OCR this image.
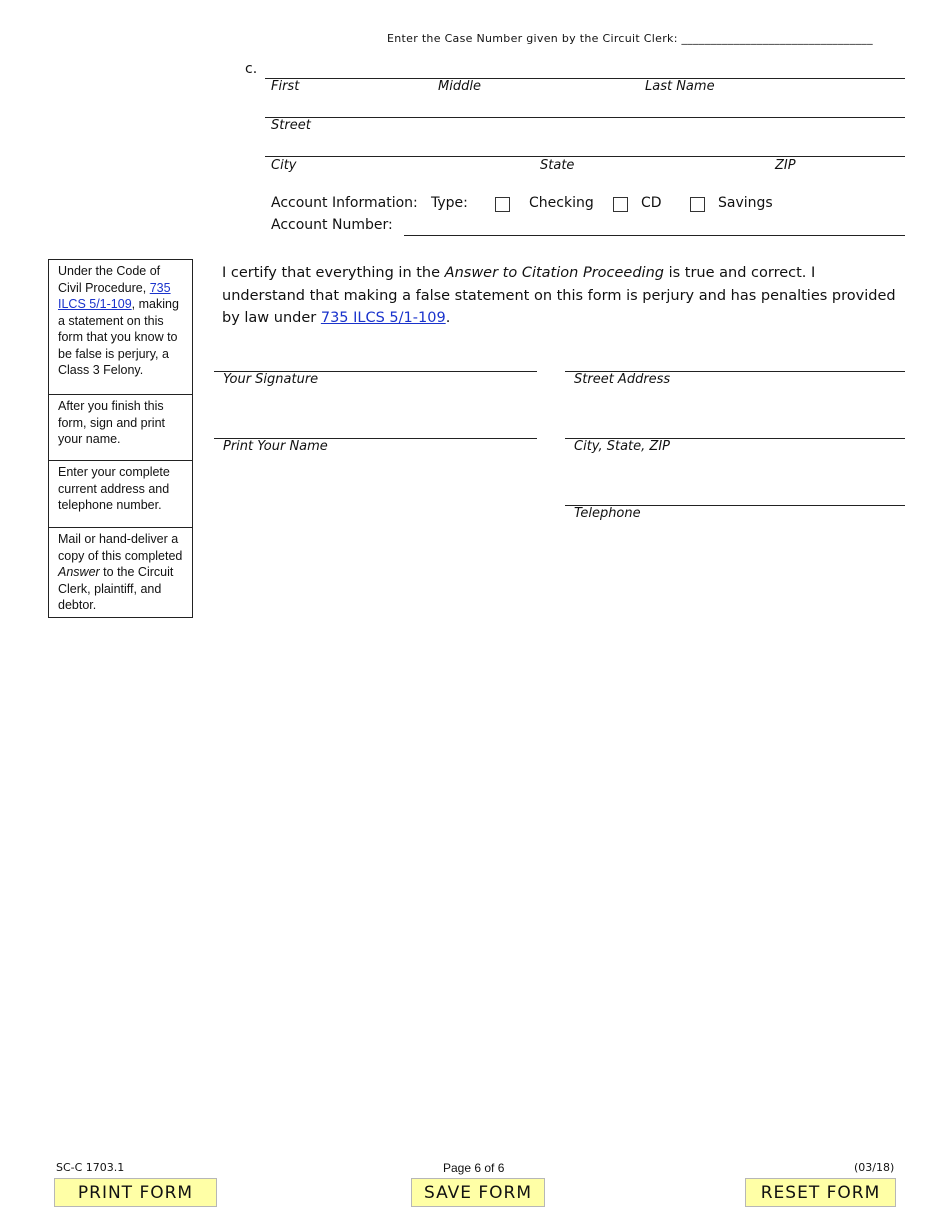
Enter the Case Number given by the Circuit Clerk: _________________________________
c.
First	Middle	Last Name
Street
City	State	ZIP
Account Information: Type:	Checking	CD	Savings
Account Number:
Under the Code of Civil Procedure, 735 ILCS 5/1-109, making a statement on this form that you know to be false is perjury, a Class 3 Felony.
After you finish this form, sign and print your name.
Enter your complete current address and telephone number.
Mail or hand-deliver a copy of this completed Answer to the Circuit Clerk, plaintiff, and debtor.
I certify that everything in the Answer to Citation Proceeding is true and correct. I understand that making a false statement on this form is perjury and has penalties provided by law under 735 ILCS 5/1-109.
Your Signature	Street Address
Print Your Name	City, State, ZIP
Telephone
SC-C 1703.1	Page 6 of 6	(03/18)
PRINT FORM	SAVE FORM	RESET FORM
